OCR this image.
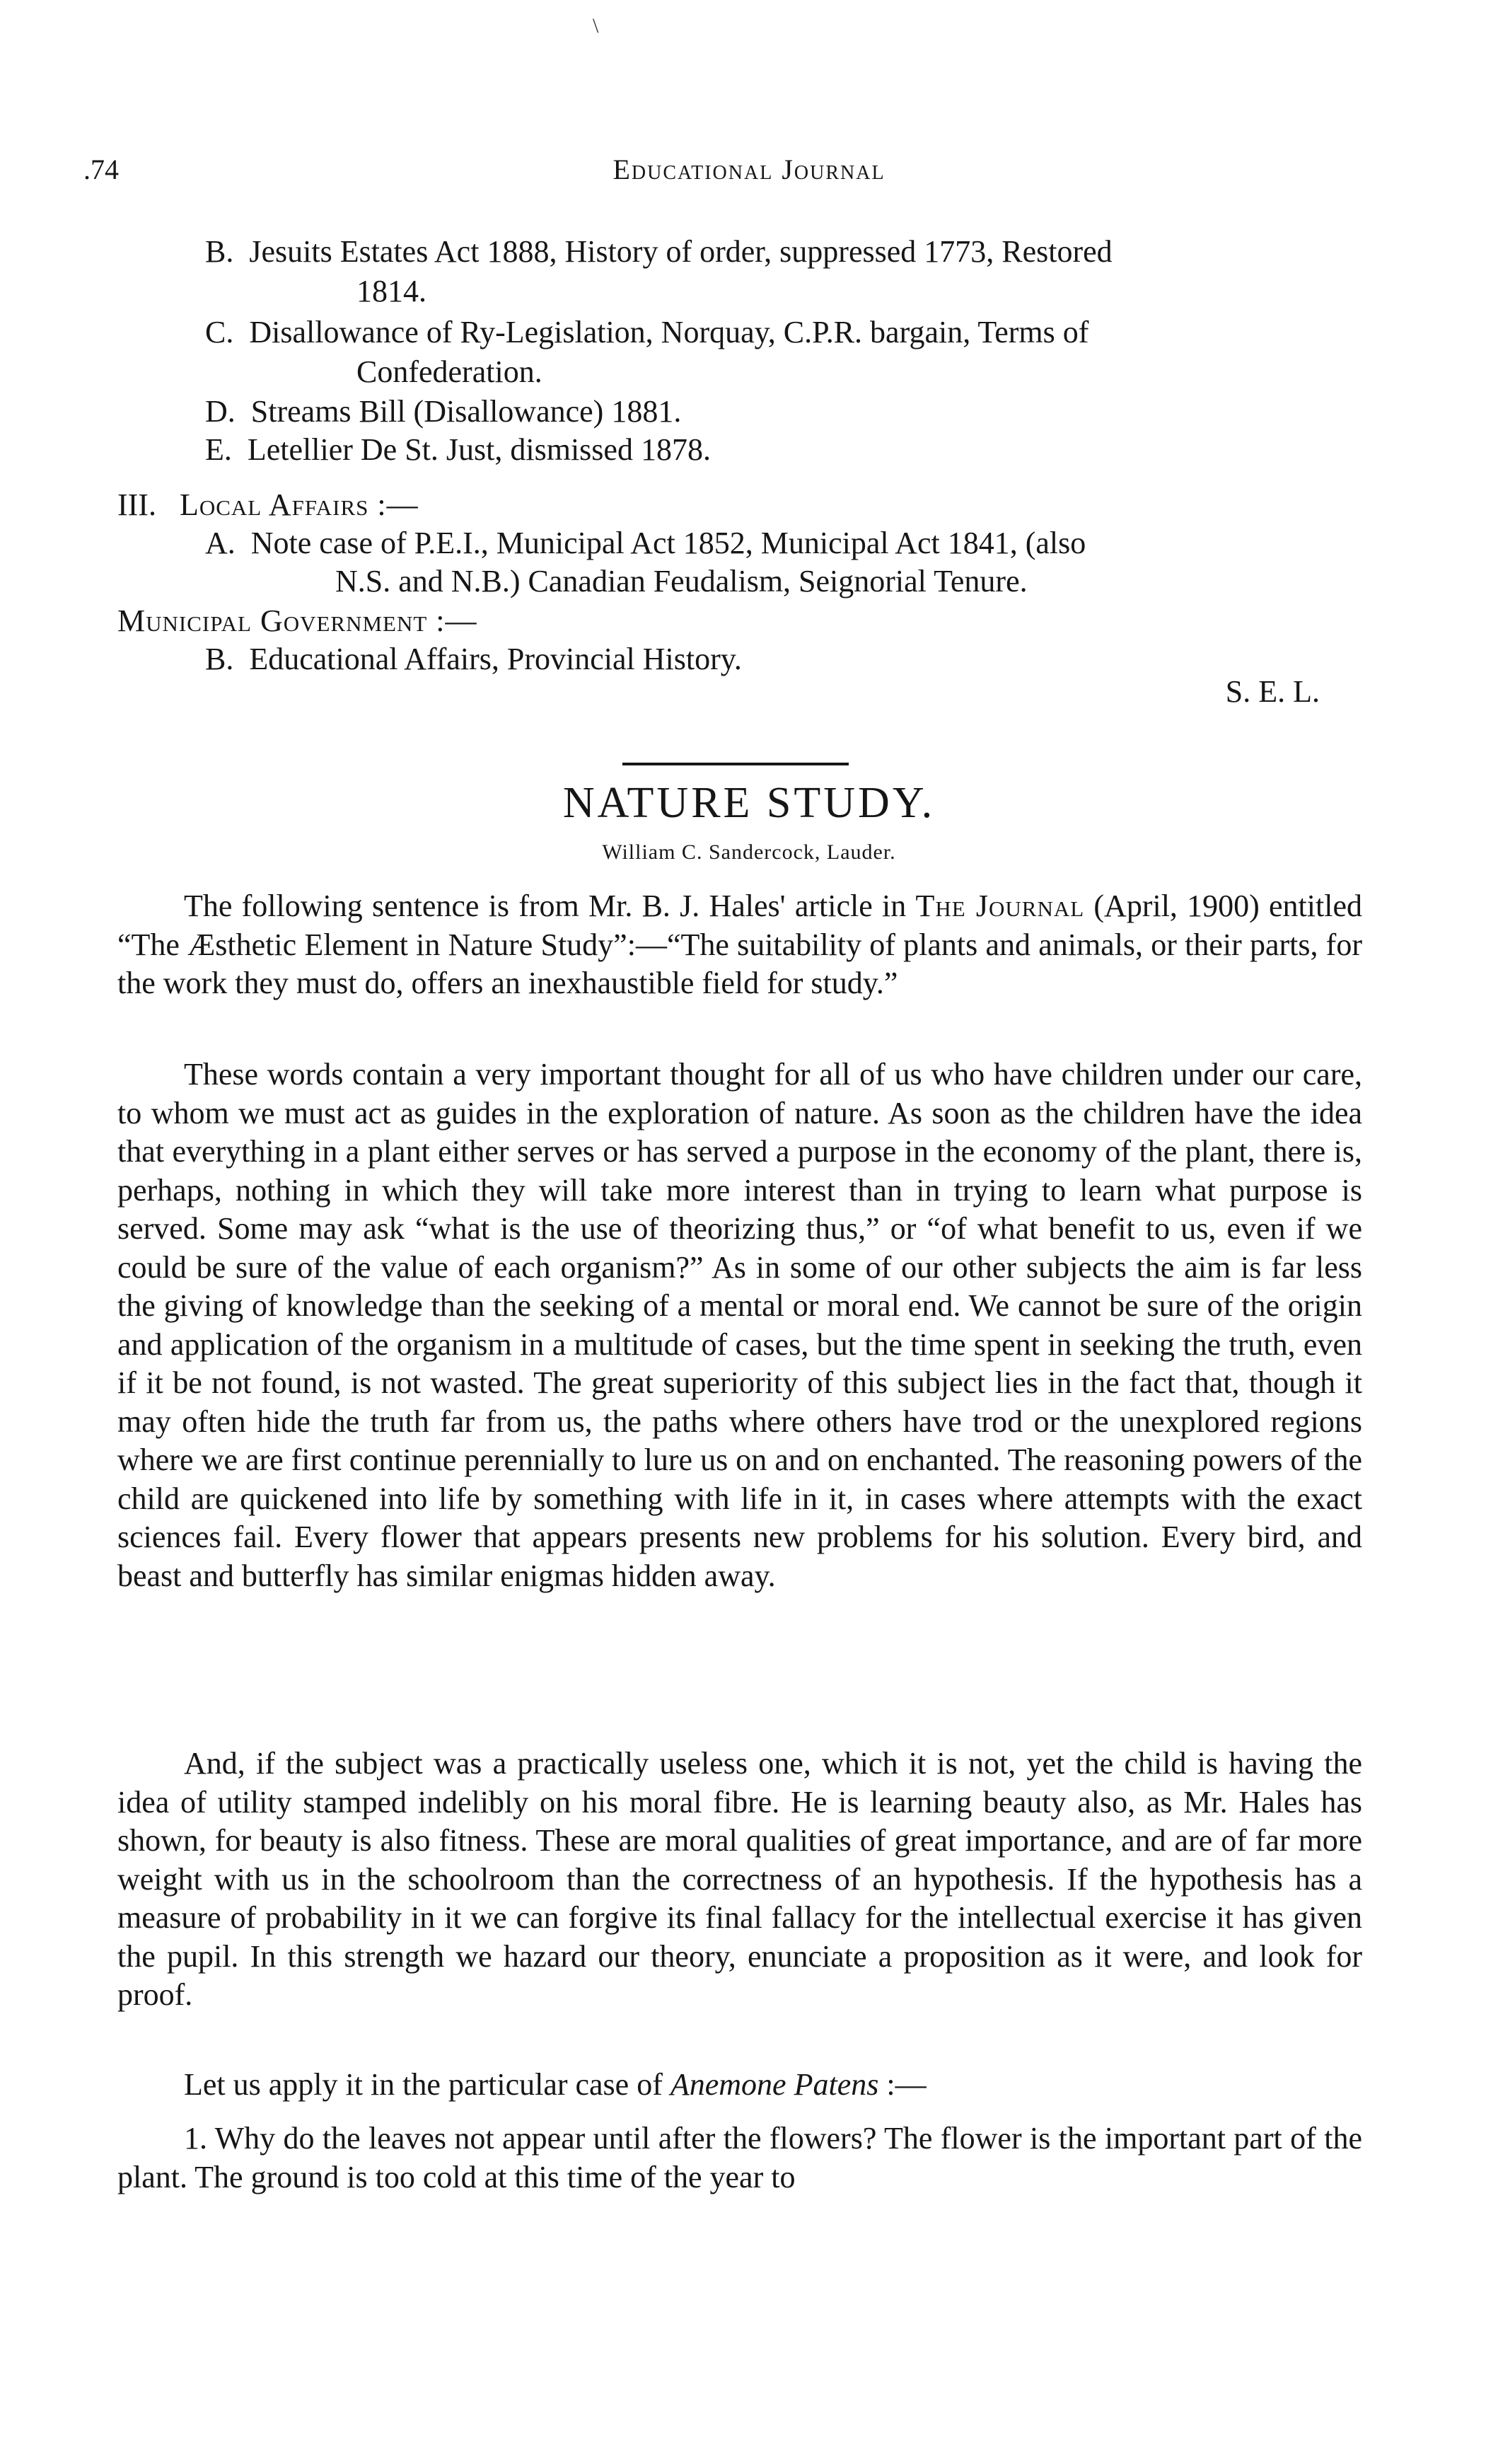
\
.74	Educational Journal
B. Jesuits Estates Act 1888, History of order, suppressed 1773, Restored
1814.
C. Disallowance of Ry-Legislation, Norquay, C.P.R. bargain, Terms of
Confederation.
D. Streams Bill (Disallowance) 1881.
E. Letellier De St. Just, dismissed 1878.
III. Local Affairs :—
A. Note case of P.E.I., Municipal Act 1852, Municipal Act 1841, (also
N.S. and N.B.) Canadian Feudalism, Seignorial Tenure.
Municipal Government :—
B. Educational Affairs, Provincial History.
S. E. L.
NATURE STUDY.
William C. Sandercock, Lauder.
The following sentence is from Mr. B. J. Hales' article in The Journal (April, 1900) entitled “The Æsthetic Element in Nature Study”:—“The suitability of plants and animals, or their parts, for the work they must do, offers an inexhaustible field for study.”
These words contain a very important thought for all of us who have children under our care, to whom we must act as guides in the exploration of nature. As soon as the children have the idea that everything in a plant either serves or has served a purpose in the economy of the plant, there is, perhaps, nothing in which they will take more interest than in trying to learn what purpose is served. Some may ask “what is the use of theorizing thus,” or “of what benefit to us, even if we could be sure of the value of each organism?” As in some of our other subjects the aim is far less the giving of knowledge than the seeking of a mental or moral end. We cannot be sure of the origin and application of the organism in a multitude of cases, but the time spent in seeking the truth, even if it be not found, is not wasted. The great superiority of this subject lies in the fact that, though it may often hide the truth far from us, the paths where others have trod or the unexplored regions where we are first continue perennially to lure us on and on enchanted. The reasoning powers of the child are quickened into life by something with life in it, in cases where attempts with the exact sciences fail. Every flower that appears presents new problems for his solution. Every bird, and beast and butterfly has similar enigmas hidden away.
And, if the subject was a practically useless one, which it is not, yet the child is having the idea of utility stamped indelibly on his moral fibre. He is learning beauty also, as Mr. Hales has shown, for beauty is also fitness. These are moral qualities of great importance, and are of far more weight with us in the schoolroom than the correctness of an hypothesis. If the hypothesis has a measure of probability in it we can forgive its final fallacy for the intellectual exercise it has given the pupil. In this strength we hazard our theory, enunciate a proposition as it were, and look for proof.
Let us apply it in the particular case of Anemone Patens :—
1. Why do the leaves not appear until after the flowers? The flower is the important part of the plant. The ground is too cold at this time of the year to
